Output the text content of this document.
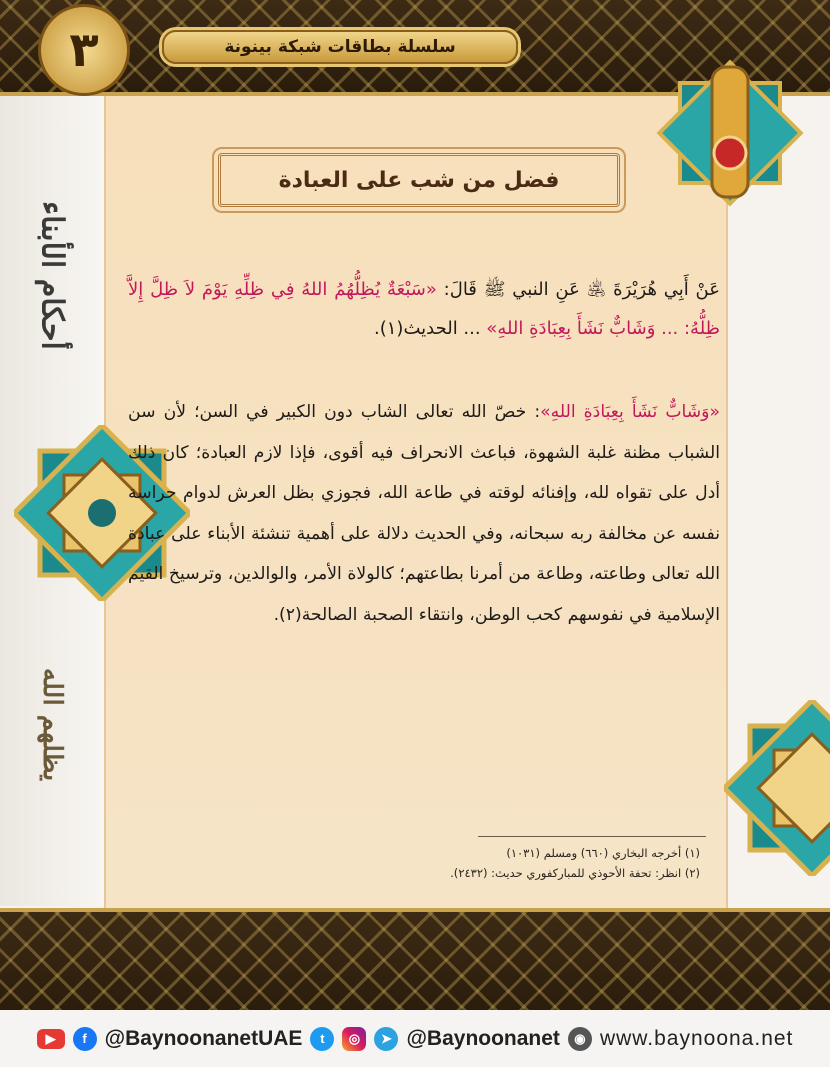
٣	سلسلة بطاقات شبكة بينونة
أحكام الأبناء
يظلهم الله
فضل من شب على العبادة

عَنْ أَبِي هُرَيْرَةَ ﵁ عَنِ النبي ﷺ قَالَ: «سَبْعَةٌ يُظِلُّهُمُ اللهُ فِي ظِلِّهِ يَوْمَ لاَ ظِلَّ إِلاَّ ظِلُّهُ: ... وَشَابٌّ نَشَأَ بِعِبَادَةِ اللهِ» ... الحديث(١).

«وَشَابٌّ نَشَأَ بِعِبَادَةِ اللهِ»: خصّ الله تعالى الشاب دون الكبير في السن؛ لأن سن الشباب مظنة غلبة الشهوة، فباعث الانحراف فيه أقوى، فإذا لازم العبادة؛ كان ذلك أدل على تقواه لله، وإفنائه لوقته في طاعة الله، فجوزي بظل العرش لدوام حراسة نفسه عن مخالفة ربه سبحانه، وفي الحديث دلالة على أهمية تنشئة الأبناء على عبادة الله تعالى وطاعته، وطاعة من أمرنا بطاعتهم؛ كالولاة الأمر، والوالدين، وترسيخ القيم الإسلامية في نفوسهم كحب الوطن، وانتقاء الصحبة الصالحة(٢).

(١) أخرجه البخاري (٦٦٠) ومسلم (١٠٣١)
(٢) انظر: تحفة الأحوذي للمباركفوري حديث: (٢٤٣٢).
▶	f @BaynoonanetUAE	t	◎	➤ @Baynoonanet	◉ www.baynoona.net
